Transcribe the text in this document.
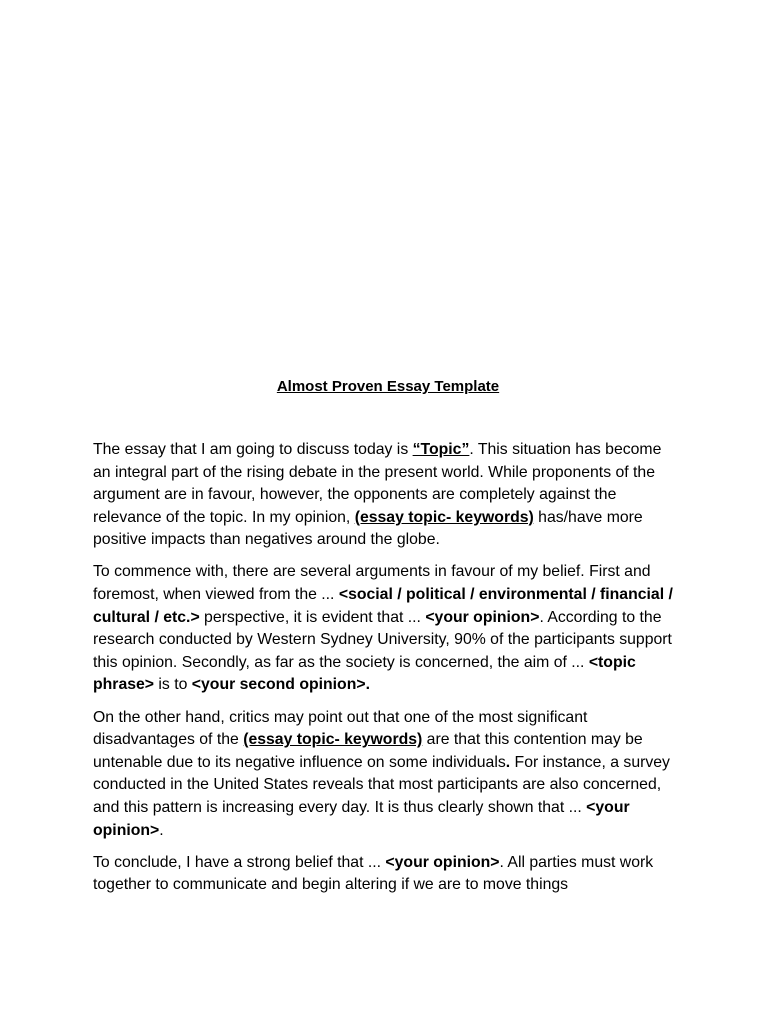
Almost Proven Essay Template

The essay that I am going to discuss today is “Topic”. This situation has become an integral part of the rising debate in the present world. While proponents of the argument are in favour, however, the opponents are completely against the relevance of the topic. In my opinion, (essay topic- keywords) has/have more positive impacts than negatives around the globe.

To commence with, there are several arguments in favour of my belief. First and foremost, when viewed from the ... <social / political / environmental / financial / cultural / etc.> perspective, it is evident that ... <your opinion>. According to the research conducted by Western Sydney University, 90% of the participants support this opinion. Secondly, as far as the society is concerned, the aim of ... <topic phrase> is to <your second opinion>.

On the other hand, critics may point out that one of the most significant disadvantages of the (essay topic- keywords) are that this contention may be untenable due to its negative influence on some individuals. For instance, a survey conducted in the United States reveals that most participants are also concerned, and this pattern is increasing every day. It is thus clearly shown that ... <your opinion>.

To conclude, I have a strong belief that ... <your opinion>. All parties must work together to communicate and begin altering if we are to move things
